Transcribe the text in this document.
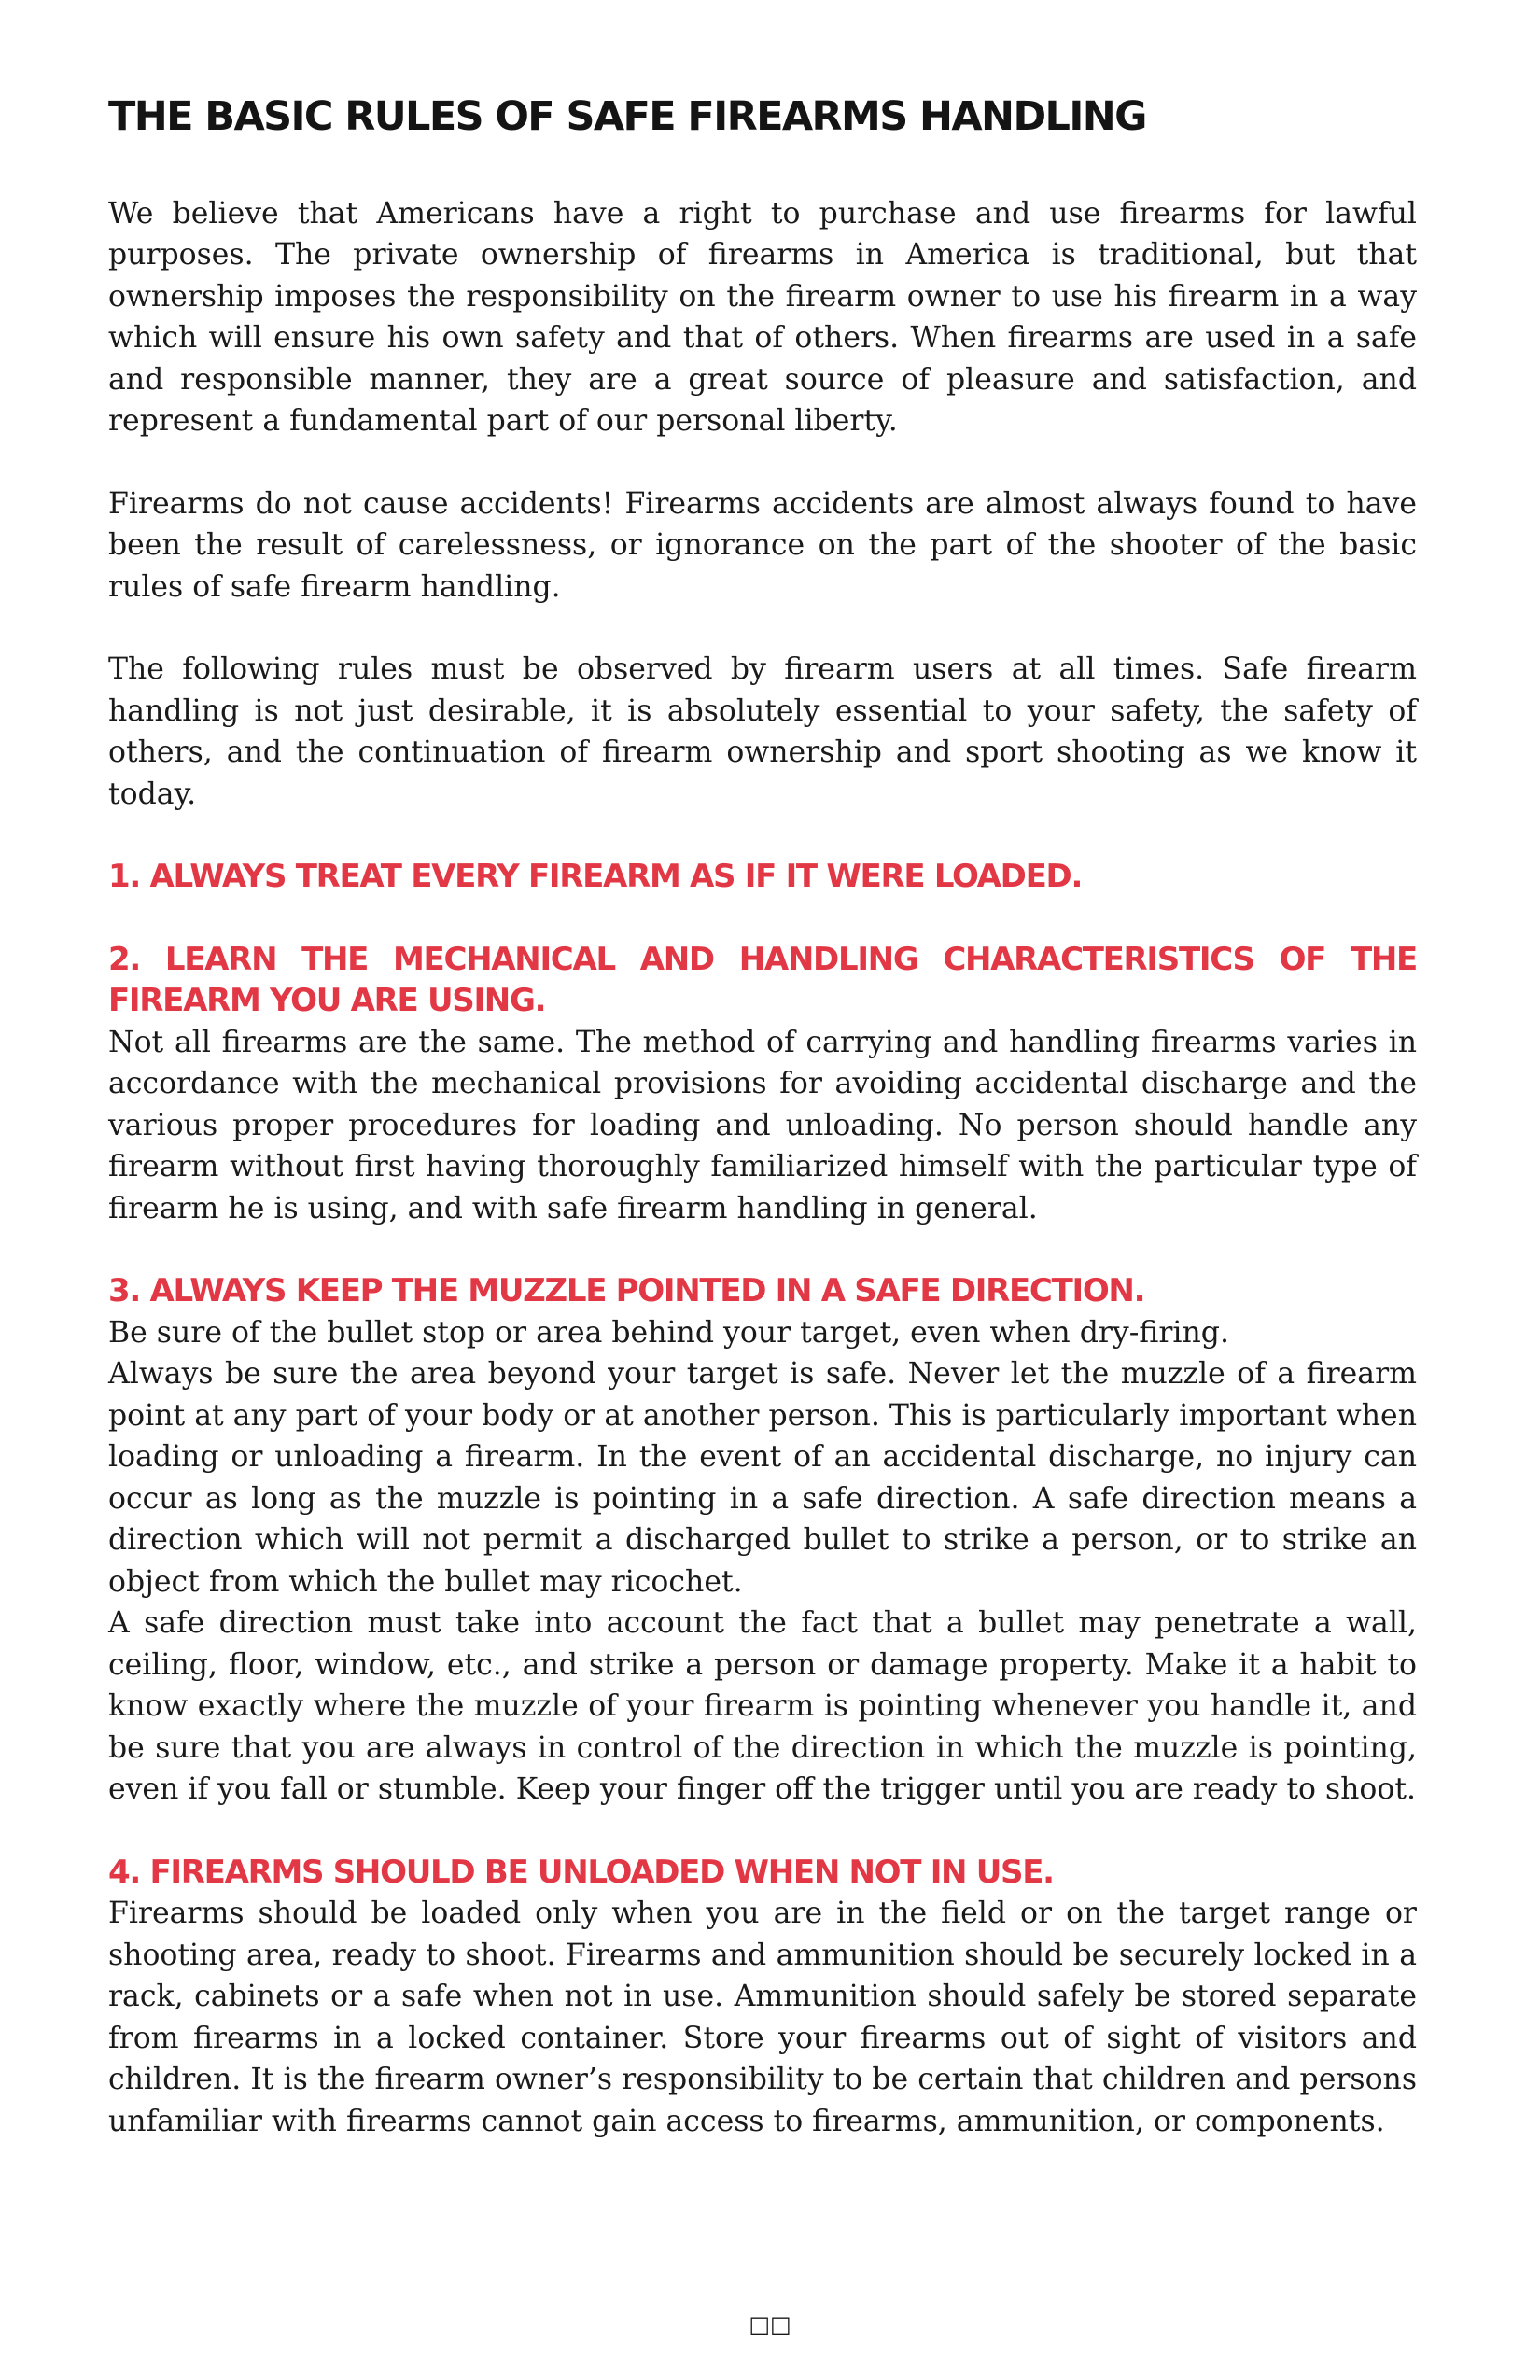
THE BASIC RULES OF SAFE FIREARMS HANDLING

We believe that Americans have a right to purchase and use firearms for lawful purposes. The private ownership of firearms in America is traditional, but that ownership imposes the responsibility on the firearm owner to use his firearm in a way which will ensure his own safety and that of others. When firearms are used in a safe and responsible manner, they are a great source of pleasure and satisfaction, and represent a fundamental part of our personal liberty.

Firearms do not cause accidents! Firearms accidents are almost always found to have been the result of carelessness, or ignorance on the part of the shooter of the basic rules of safe firearm handling.

The following rules must be observed by firearm users at all times. Safe firearm handling is not just desirable, it is absolutely essential to your safety, the safety of others, and the continuation of firearm ownership and sport shooting as we know it today.

1. ALWAYS TREAT EVERY FIREARM AS IF IT WERE LOADED.
2. LEARN THE MECHANICAL AND HANDLING CHARACTERISTICS OF THE FIREARM YOU ARE USING.

Not all firearms are the same. The method of carrying and handling firearms varies in accordance with the mechanical provisions for avoiding accidental discharge and the various proper procedures for loading and unloading. No person should handle any firearm without first having thoroughly familiarized himself with the particular type of firearm he is using, and with safe firearm handling in general.

3. ALWAYS KEEP THE MUZZLE POINTED IN A SAFE DIRECTION.

Be sure of the bullet stop or area behind your target, even when dry-firing.

Always be sure the area beyond your target is safe. Never let the muzzle of a firearm point at any part of your body or at another person. This is particularly important when loading or unloading a firearm. In the event of an accidental discharge, no injury can occur as long as the muzzle is pointing in a safe direction. A safe direction means a direction which will not permit a discharged bullet to strike a person, or to strike an object from which the bullet may ricochet.

A safe direction must take into account the fact that a bullet may penetrate a wall, ceiling, floor, window, etc., and strike a person or damage property. Make it a habit to know exactly where the muzzle of your firearm is pointing whenever you handle it, and be sure that you are always in control of the direction in which the muzzle is pointing, even if you fall or stumble. Keep your finger off the trigger until you are ready to shoot.

4. FIREARMS SHOULD BE UNLOADED WHEN NOT IN USE.

Firearms should be loaded only when you are in the field or on the target range or shooting area, ready to shoot. Firearms and ammunition should be securely locked in a rack, cabinets or a safe when not in use. Ammunition should safely be stored separate from firearms in a locked container. Store your firearms out of sight of visitors and children. It is the firearm owner’s responsibility to be certain that children and persons unfamiliar with firearms cannot gain access to firearms, ammunition, or components.

□□
